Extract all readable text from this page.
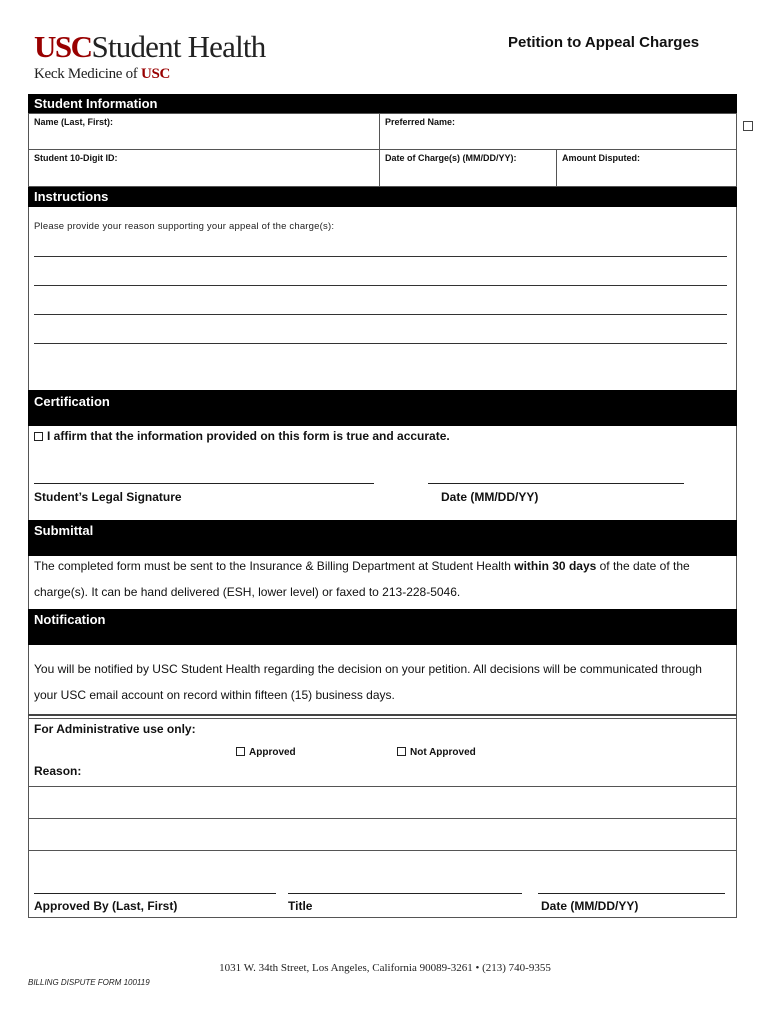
USCStudent Health
Keck Medicine of USC
Petition to Appeal Charges
Student Information
Name (Last, First):	Preferred Name:
Student 10-Digit ID:	Date of Charge(s) (MM/DD/YY):	Amount Disputed:
Instructions
Please provide your reason supporting your appeal of the charge(s):
Certification
I affirm that the information provided on this form is true and accurate.
Student’s Legal Signature	Date (MM/DD/YY)
Submittal
The completed form must be sent to the Insurance & Billing Department at Student Health within 30 days of the date of the charge(s). It can be hand delivered (ESH, lower level) or faxed to 213-228-5046.
Notification
You will be notified by USC Student Health regarding the decision on your petition. All decisions will be communicated through your USC email account on record within fifteen (15) business days.
For Administrative use only:
Approved	Not Approved
Reason:
Approved By (Last, First)	Title	Date (MM/DD/YY)
1031 W. 34th Street, Los Angeles, California 90089-3261 • (213) 740-9355
BILLING DISPUTE FORM 100119
